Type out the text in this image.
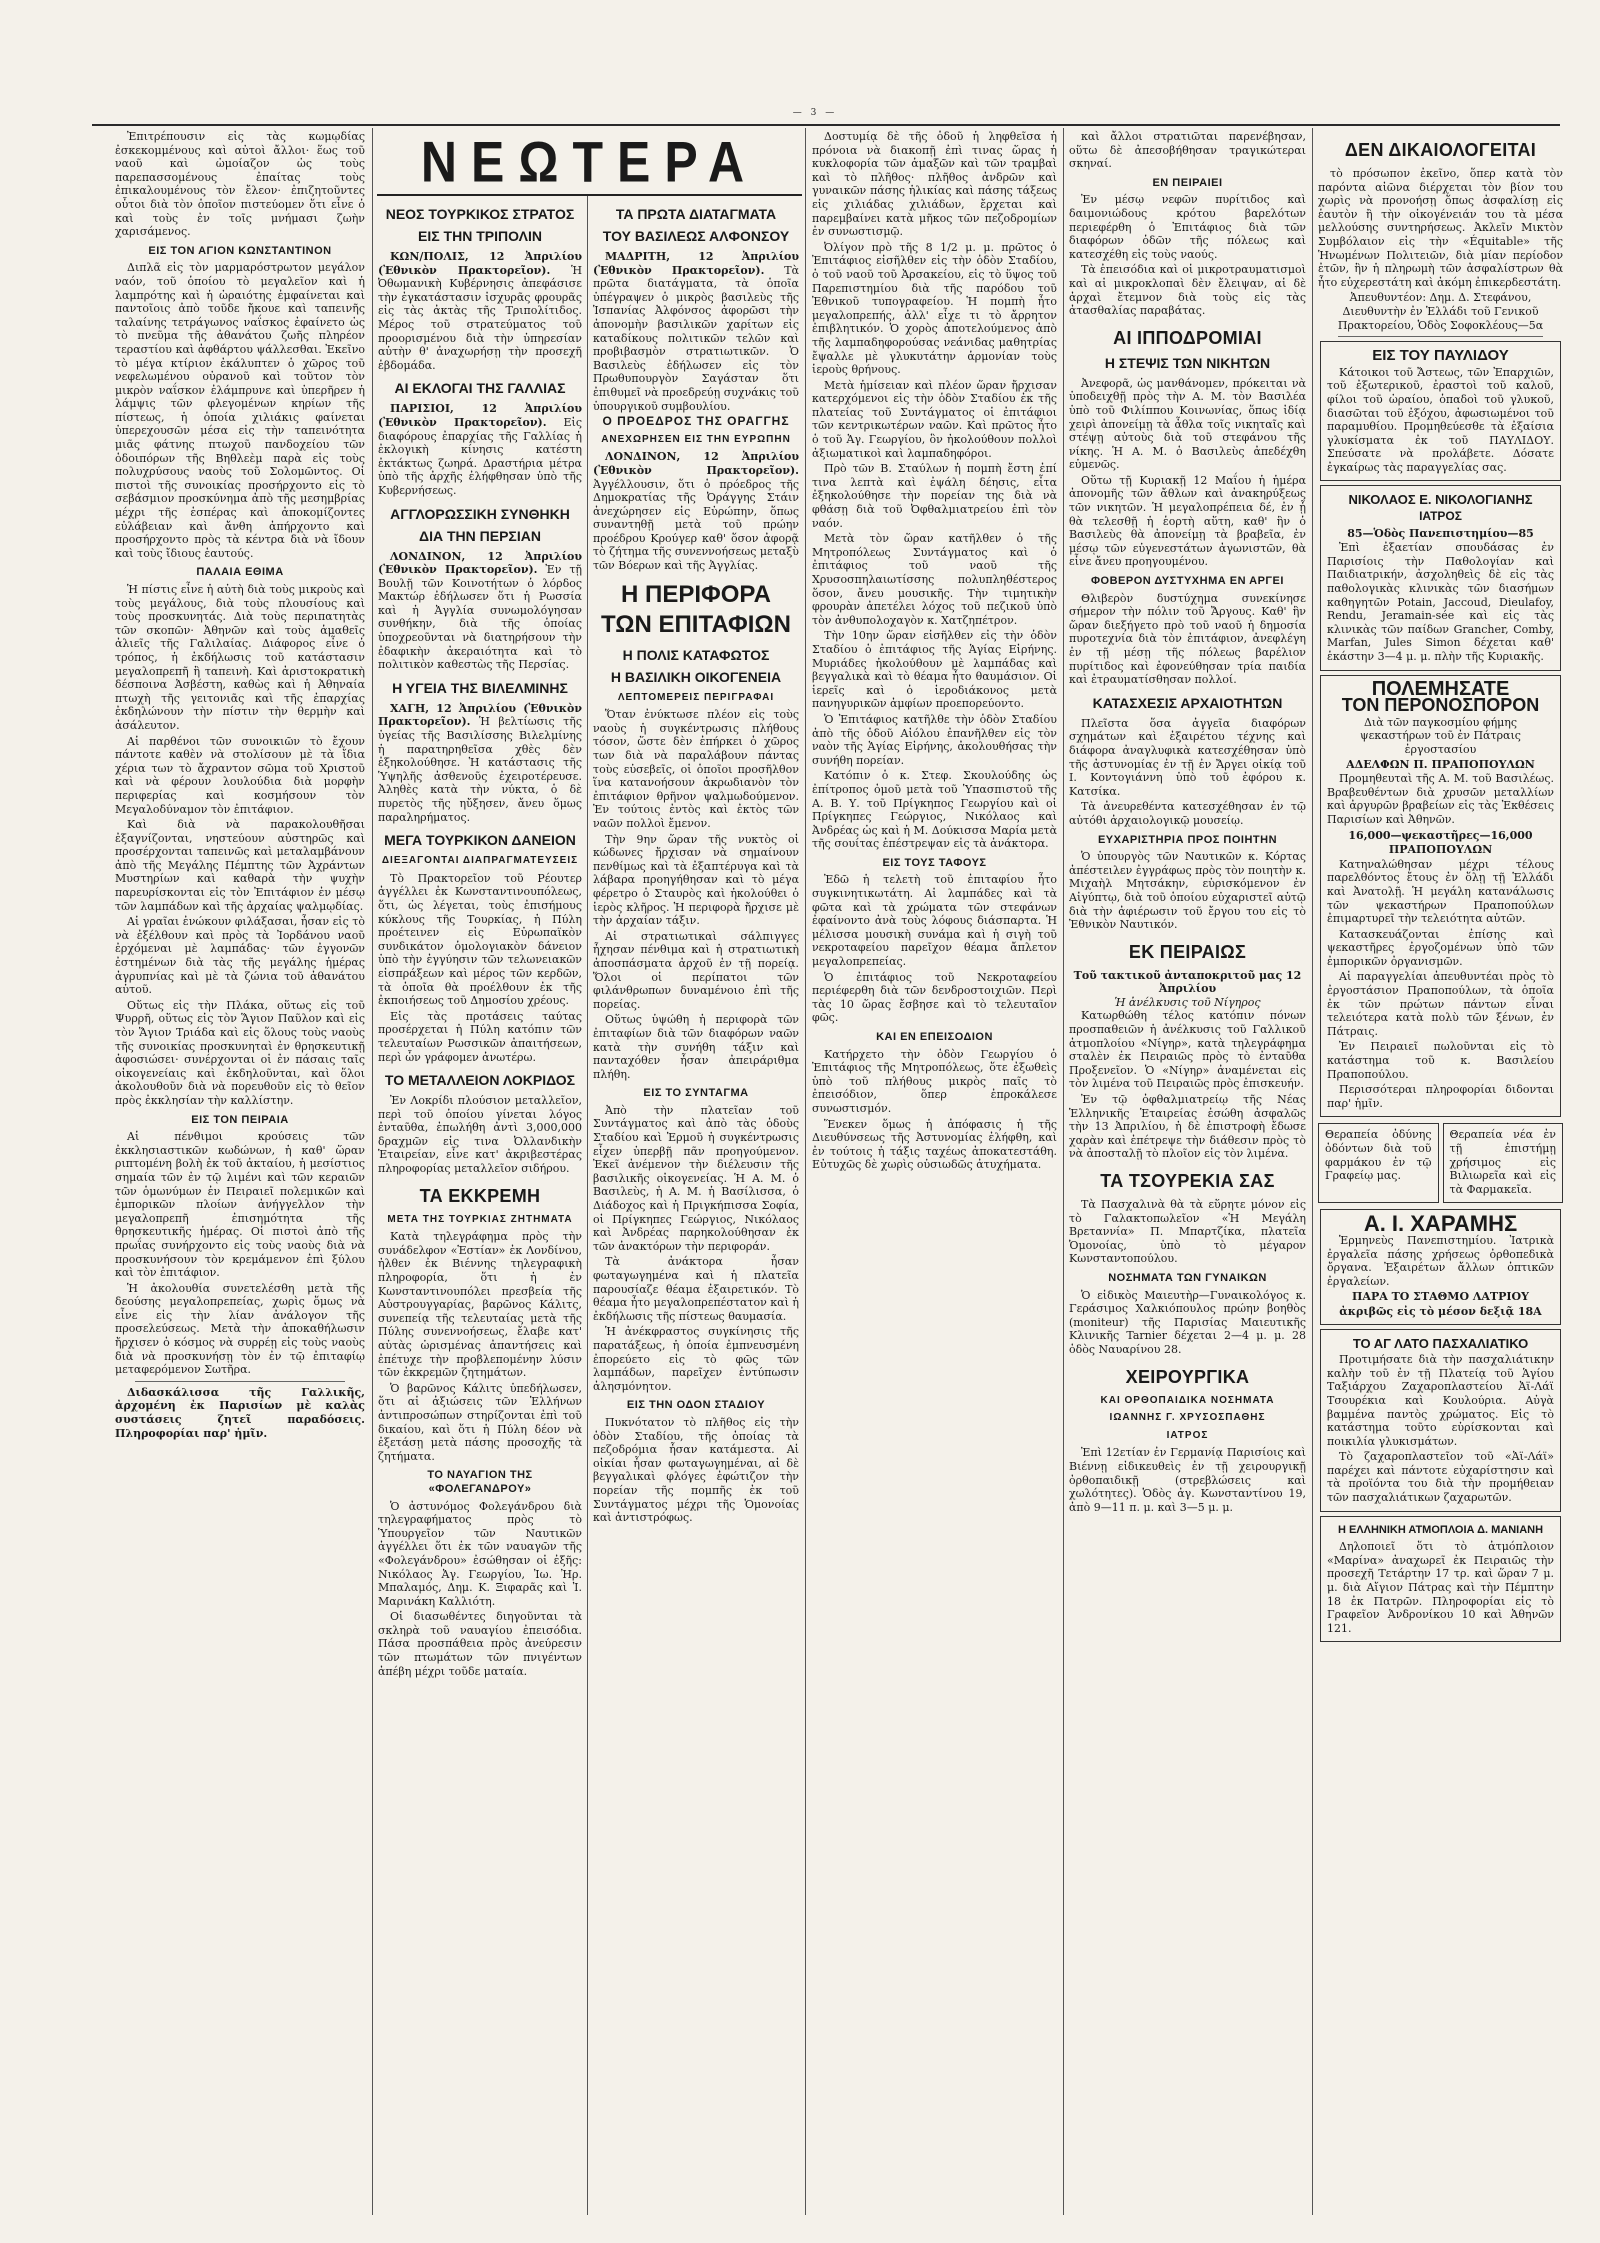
— 3 —
ΝΕΩΤΕΡΑ

Ἐπιτρέπουσιν εἰς τὰς κωμῳδίας ἐσκεκομμένους καὶ αὐτοὶ ἄλλοι· ἕως τοῦ ναοῦ καὶ ὡμοίαζον ὡς τοὺς παρεπασσομένους ἐπαίτας τοὺς ἐπικαλουμένους τὸν ἔλεον· ἐπιζητοῦντες οὗτοι διὰ τὸν ὁποῖον πιστεύομεν ὅτι εἶνε ὁ καὶ τοὺς ἐν τοῖς μνήμασι ζωὴν χαρισάμενος.

ΕΙΣ ΤΟΝ ΑΓΙΟΝ ΚΩΝΣΤΑΝΤΙΝΟΝ

Διπλᾶ εἰς τὸν μαρμαρόστρωτον μεγάλον ναόν, τοῦ ὁποίου τὸ μεγαλεῖον καὶ ἡ λαμπρότης καὶ ἡ ὡραιότης ἐμφαίνεται καὶ παντοῖοις ἀπὸ τοῦδε ἤκουε καὶ ταπεινῆς ταλαίνης τετράγωνος ναΐσκος ἐφαίνετο ὡς τὸ πνεῦμα τῆς ἀθανάτου ζωῆς πληρέον τεραστίου καὶ ἀφθάρτου ψάλλεσθαι. Ἐκεῖνο τὸ μέγα κτίριον ἐκάλυπτεν ὁ χῶρος τοῦ νεφελωμένου οὐρανοῦ καὶ τοῦτον τὸν μικρὸν ναΐσκον ἐλάμπρυνε καὶ ὑπερῆρεν ἡ λάμψις τῶν φλεγομένων κηρίων τῆς πίστεως, ἡ ὁποία χιλιάκις φαίνεται ὑπερεχουσῶν μέσα εἰς τὴν ταπεινότητα μιᾶς φάτνης πτωχοῦ πανδοχείου τῶν ὁδοιπόρων τῆς Βηθλεὲμ παρὰ εἰς τοὺς πολυχρύσους ναοὺς τοῦ Σολομῶντος. Οἱ πιστοὶ τῆς συνοικίας προσήρχοντο εἰς τὸ σεβάσμιον προσκύνημα ἀπὸ τῆς μεσημβρίας μέχρι τῆς ἑσπέρας καὶ ἀποκομίζοντες εὐλάβειαν καὶ ἄνθη ἀπήρχοντο καὶ προσήρχοντο πρὸς τὰ κέντρα διὰ νὰ ἴδουν καὶ τοὺς ἴδιους ἑαυτούς.

ΠΑΛΑΙΑ ΕΘΙΜΑ

Ἡ πίστις εἶνε ἡ αὐτὴ διὰ τοὺς μικροὺς καὶ τοὺς μεγάλους, διὰ τοὺς πλουσίους καὶ τοὺς προσκυνητάς. Διὰ τοὺς περιπατητὰς τῶν σκοπῶν· Ἀθηνῶν καὶ τοὺς ἁμαθεῖς ἀλιεῖς τῆς Γαλιλαίας. Διάφορος εἶνε ὁ τρόπος, ἡ ἐκδήλωσις τοῦ κατάστασιν μεγαλοπρεπῆ ἢ ταπεινὴ. Καὶ ἀριστοκρατικὴ δέσποινα Ἀσβέστη, καθὼς καὶ ἡ Ἀθηναία πτωχὴ τῆς γειτονιᾶς καὶ τῆς ἐπαρχίας ἐκδηλώνουν τὴν πίστιν τὴν θερμὴν καὶ ἀσάλευτον.

Αἱ παρθένοι τῶν συνοικιῶν τὸ ἔχουν πάντοτε καθὲν νὰ στολίσουν μὲ τὰ ἴδια χέρια των τὸ ἄχραντον σῶμα τοῦ Χριστοῦ καὶ νὰ φέρουν λουλούδια διὰ μορφὴν περιφερίας καὶ κοσμήσουν τὸν Μεγαλοδύναμον τὸν ἐπιτάφιον.

Καὶ διὰ νὰ παρακολουθῆσαι ἐξαγνίζονται, νηστεύουν αὐστηρῶς καὶ προσέρχονται ταπεινῶς καὶ μεταλαμβάνουν ἀπὸ τῆς Μεγάλης Πέμπτης τῶν Ἀχράντων Μυστηρίων καὶ καθαρὰ τὴν ψυχὴν παρευρίσκονται εἰς τὸν Ἐπιτάφιον ἐν μέσῳ τῶν λαμπάδων καὶ τῆς ἀρχαίας ψαλμῳδίας.

Αἱ γραῖαι ἐνώκουν φιλάξασαι, ἦσαν εἰς τὸ νὰ ἐξέλθουν καὶ πρὸς τὰ Ἰορδάνου ναοῦ ἐρχόμεναι μὲ λαμπάδας· τῶν ἐγγονῶν ἐστημένων διὰ τὰς τῆς μεγάλης ἡμέρας ἀγρυπνίας καὶ μὲ τὰ ζώνια τοῦ ἀθανάτου αὐτοῦ.

Οὕτως εἰς τὴν Πλάκα, οὕτως εἰς τοῦ Ψυρρῆ, οὕτως εἰς τὸν Ἅγιον Παῦλον καὶ εἰς τὸν Ἅγιον Τριάδα καὶ εἰς ὅλους τοὺς ναοὺς τῆς συνοικίας προσκυνηταὶ ἐν θρησκευτικῇ ἀφοσιώσει· συνέρχονται οἱ ἐν πάσαις ταῖς οἰκογενείαις καὶ ἐκδηλοῦνται, καὶ ὅλοι ἀκολουθοῦν διὰ νὰ πορευθοῦν εἰς τὸ θεῖον πρὸς ἐκκλησίαν τὴν καλλίστην.

ΕΙΣ ΤΟΝ ΠΕΙΡΑΙΑ

Αἱ πένθιμοι κρούσεις τῶν ἐκκλησιαστικῶν κωδώνων, ἡ καθ' ὥραν ριπτομένη βολὴ ἐκ τοῦ ἀκταίου, ἡ μεσίστιος σημαία τῶν ἐν τῷ λιμένι καὶ τῶν κεραιῶν τῶν ὁμωνύμων ἐν Πειραιεῖ πολεμικῶν καὶ ἐμπορικῶν πλοίων ἀνήγγελλον τὴν μεγαλοπρεπῆ ἐπισημότητα τῆς θρησκευτικῆς ἡμέρας. Οἱ πιστοὶ ἀπὸ τῆς πρωΐας συνήρχοντο εἰς τοὺς ναοὺς διὰ νὰ προσκυνήσουν τὸν κρεμάμενον ἐπὶ ξύλου καὶ τὸν ἐπιτάφιον.

Ἡ ἀκολουθία συνετελέσθη μετὰ τῆς δεούσης μεγαλοπρεπείας, χωρὶς ὅμως νὰ εἶνε εἰς τὴν λίαν ἀνάλογον τῆς προσελεύσεως. Μετὰ τὴν ἀποκαθήλωσιν ἤρχισεν ὁ κόσμος νὰ συρρέῃ εἰς τοὺς ναοὺς διὰ νὰ προσκυνήσῃ τὸν ἐν τῷ ἐπιταφίῳ μεταφερόμενον Σωτῆρα.

Διδασκάλισσα τῆς Γαλλικῆς, ἀρχομένη ἐκ Παρισίων μὲ καλὰς συστάσεις ζητεῖ παραδόσεις. Πληροφορίαι παρ' ἡμῖν.

ΝΕΟΣ ΤΟΥΡΚΙΚΟΣ ΣΤΡΑΤΟΣ
ΕΙΣ ΤΗΝ ΤΡΙΠΟΛΙΝ

ΚΩΝ/ΠΟΛΙΣ, 12 Ἀπριλίου (Ἐθνικὸν Πρακτορεῖον). Ἡ Ὀθωμανικὴ Κυβέρνησις ἀπεφάσισε τὴν ἐγκατάστασιν ἰσχυρᾶς φρουρᾶς εἰς τὰς ἀκτὰς τῆς Τριπολίτιδος. Μέρος τοῦ στρατεύματος τοῦ προορισμένου διὰ τὴν ὑπηρεσίαν αὐτὴν θ' ἀναχωρήσῃ τὴν προσεχῆ ἑβδομάδα.

ΑΙ ΕΚΛΟΓΑΙ ΤΗΣ ΓΑΛΛΙΑΣ

ΠΑΡΙΣΙΟΙ, 12 Ἀπριλίου (Ἐθνικὸν Πρακτορεῖον). Εἰς διαφόρους ἐπαρχίας τῆς Γαλλίας ἡ ἐκλογικὴ κίνησις κατέστη ἐκτάκτως ζωηρά. Δραστήρια μέτρα ὑπὸ τῆς ἀρχῆς ἐλήφθησαν ὑπὸ τῆς Κυβερνήσεως.

ΑΓΓΛΟΡΩΣΣΙΚΗ ΣΥΝΘΗΚΗ
ΔΙΑ ΤΗΝ ΠΕΡΣΙΑΝ

ΛΟΝΔΙΝΟΝ, 12 Ἀπριλίου (Ἐθνικὸν Πρακτορεῖον). Ἐν τῇ Βουλῇ τῶν Κοινοτήτων ὁ λόρδος Μακτώρ ἐδήλωσεν ὅτι ἡ Ρωσσία καὶ ἡ Ἀγγλία συνωμολόγησαν συνθήκην, διὰ τῆς ὁποίας ὑποχρεοῦνται νὰ διατηρήσουν τὴν ἐδαφικὴν ἀκεραιότητα καὶ τὸ πολιτικὸν καθεστὼς τῆς Περσίας.

Η ΥΓΕΙΑ ΤΗΣ ΒΙΛΕΛΜΙΝΗΣ

ΧΑΓΗ, 12 Ἀπριλίου (Ἐθνικὸν Πρακτορεῖον). Ἡ βελτίωσις τῆς ὑγείας τῆς Βασιλίσσης Βιλελμίνης ἡ παρατηρηθεῖσα χθὲς δὲν ἐξηκολούθησε. Ἡ κατάστασις τῆς Ὑψηλῆς ἀσθενοῦς ἐχειροτέρευσε. Ἀληθὲς κατὰ τὴν νύκτα, ὁ δὲ πυρετὸς τῆς ηὔξησεν, ἄνευ ὅμως παραληρήματος.

ΜΕΓΑ ΤΟΥΡΚΙΚΟΝ ΔΑΝΕΙΟΝ
ΔΙΕΞΑΓΟΝΤΑΙ ΔΙΑΠΡΑΓΜΑΤΕΥΣΕΙΣ

Τὸ Πρακτορεῖον τοῦ Ρέουτερ ἀγγέλλει ἐκ Κωνσταντινουπόλεως, ὅτι, ὡς λέγεται, τοὺς ἐπισήμους κύκλους τῆς Τουρκίας, ἡ Πύλη προέτεινεν εἰς Εὐρωπαϊκὸν συνδικάτον ὁμολογιακὸν δάνειον ὑπὸ τὴν ἐγγύησιν τῶν τελωνειακῶν εἰσπράξεων καὶ μέρος τῶν κερδῶν, τὰ ὁποῖα θὰ προέλθουν ἐκ τῆς ἐκποιήσεως τοῦ Δημοσίου χρέους.

Εἰς τὰς προτάσεις ταύτας προσέρχεται ἡ Πύλη κατόπιν τῶν τελευταίων Ρωσσικῶν ἀπαιτήσεων, περὶ ὧν γράφομεν ἀνωτέρω.

ΤΟ ΜΕΤΑΛΛΕΙΟΝ ΛΟΚΡΙΔΟΣ

Ἐν Λοκρίδι πλούσιον μεταλλεῖον, περὶ τοῦ ὁποίου γίνεται λόγος ἐνταῦθα, ἐπωλήθη ἀντὶ 3,000,000 δραχμῶν εἰς τινα Ὀλλανδικὴν Ἑταιρείαν, εἶνε κατ' ἀκριβεστέρας πληροφορίας μεταλλεῖον σιδήρου.

ΤΑ ΕΚΚΡΕΜΗ
ΜΕΤΑ ΤΗΣ ΤΟΥΡΚΙΑΣ ΖΗΤΗΜΑΤΑ

Κατὰ τηλεγράφημα πρὸς τὴν συνάδελφον «Ἑστίαν» ἐκ Λονδίνου, ἠλθεν ἐκ Βιέννης τηλεγραφικὴ πληροφορία, ὅτι ἡ ἐν Κωνσταντινουπόλει πρεσβεία τῆς Αὐστρουγγαρίας, βαρῶνος Κάλιτς, συνεπείᾳ τῆς τελευταίας μετὰ τῆς Πύλης συνεννοήσεως, ἔλαβε κατ' αὐτὰς ὡρισμένας ἀπαντήσεις καὶ ἐπέτυχε τὴν προβλεπομένην λύσιν τῶν ἐκκρεμῶν ζητημάτων.

Ὁ βαρῶνος Κάλιτς ὑπεδήλωσεν, ὅτι αἱ ἀξιώσεις τῶν Ἑλλήνων ἀντιπροσώπων στηρίζονται ἐπὶ τοῦ δικαίου, καὶ ὅτι ἡ Πύλη δέον νὰ ἐξετάσῃ μετὰ πάσης προσοχῆς τὰ ζητήματα.

ΤΟ ΝΑΥΑΓΙΟΝ ΤΗΣ «ΦΟΛΕΓΑΝΔΡΟΥ»

Ὁ ἀστυνόμος Φολεγάνδρου διὰ τηλεγραφήματος πρὸς τὸ Ὑπουργεῖον τῶν Ναυτικῶν ἀγγέλλει ὅτι ἐκ τῶν ναυαγῶν τῆς «Φολεγάνδρου» ἐσώθησαν οἱ ἐξῆς: Νικόλαος Ἀγ. Γεωργίου, Ἰω. Ἠρ. Μπαλαμός, Δημ. Κ. Ξιφαρᾶς καὶ Ἰ. Μαρινάκη Καλλιότη.

Οἱ διασωθέντες διηγοῦνται τὰ σκληρὰ τοῦ ναυαγίου ἐπεισόδια. Πάσα προσπάθεια πρὸς ἀνεύρεσιν τῶν πτωμάτων τῶν πνιγέντων ἀπέβη μέχρι τοῦδε ματαία.

ΤΑ ΠΡΩΤΑ ΔΙΑΤΑΓΜΑΤΑ
ΤΟΥ ΒΑΣΙΛΕΩΣ ΑΛΦΟΝΣΟΥ

ΜΑΔΡΙΤΗ, 12 Ἀπριλίου (Ἐθνικὸν Πρακτορεῖον). Τὰ πρῶτα διατάγματα, τὰ ὁποῖα ὑπέγραψεν ὁ μικρὸς βασιλεὺς τῆς Ἱσπανίας Ἀλφόνσος ἀφορῶσι τὴν ἀπονομὴν βασιλικῶν χαρίτων εἰς καταδίκους πολιτικῶν τελῶν καὶ προβιβασμὸν στρατιωτικῶν. Ὁ Βασιλεὺς ἐδήλωσεν εἰς τὸν Πρωθυπουργὸν Σαγάσταν ὅτι ἐπιθυμεῖ νὰ προεδρεύῃ συχνάκις τοῦ ὑπουργικοῦ συμβουλίου.

Ο ΠΡΟΕΔΡΟΣ ΤΗΣ ΟΡΑΓΓΗΣ
ΑΝΕΧΩΡΗΣΕΝ ΕΙΣ ΤΗΝ ΕΥΡΩΠΗΝ

ΛΟΝΔΙΝΟΝ, 12 Ἀπριλίου (Ἐθνικὸν Πρακτορεῖον). Ἀγγέλλουσιν, ὅτι ὁ πρόεδρος τῆς Δημοκρατίας τῆς Ὀράγγης Στάιν ἀνεχώρησεν εἰς Εὐρώπην, ὅπως συναντηθῇ μετὰ τοῦ πρώην προέδρου Κρούγερ καθ' ὅσον ἀφορᾷ τὸ ζήτημα τῆς συνεννοήσεως μεταξὺ τῶν Βόερων καὶ τῆς Ἀγγλίας.

Η ΠΕΡΙΦΟΡΑ
ΤΩΝ ΕΠΙΤΑΦΙΩΝ
Η ΠΟΛΙΣ ΚΑΤΑΦΩΤΟΣ
Η ΒΑΣΙΛΙΚΗ ΟΙΚΟΓΕΝΕΙΑ
ΛΕΠΤΟΜΕΡΕΙΣ ΠΕΡΙΓΡΑΦΑΙ

Ὅταν ἐνύκτωσε πλέον εἰς τοὺς ναοὺς ἡ συγκέντρωσις πλήθους τόσον, ὥστε δὲν ἐπήρκει ὁ χῶρος των διὰ νὰ παραλάβουν πάντας τοὺς εὐσεβεῖς, οἱ ὁποῖοι προσῆλθον ἵνα κατανοήσουν ἀκρωδιανὸν τὸν ἐπιτάφιον θρῆνον ψαλμωδούμενον. Ἐν τούτοις ἐντὸς καὶ ἐκτὸς τῶν ναῶν πολλοὶ ἔμενον.

Τὴν 9ην ὥραν τῆς νυκτὸς οἱ κώδωνες ἤρχισαν νὰ σημαίνουν πενθίμως καὶ τὰ ἐξαπτέρυγα καὶ τὰ λάβαρα προηγήθησαν καὶ τὸ μέγα φέρετρο ὁ Σταυρὸς καὶ ἠκολούθει ὁ ἱερὸς κλῆρος. Ἡ περιφορὰ ἤρχισε μὲ τὴν ἀρχαίαν τάξιν.

Αἱ στρατιωτικαὶ σάλπιγγες ἦχησαν πένθιμα καὶ ἡ στρατιωτικὴ ἀποσπάσματα ἀρχοῦ ἐν τῇ πορείᾳ. Ὅλοι οἱ περίπατοι τῶν φιλάνθρωπων δυναμένοιο ἐπὶ τῆς πορείας.

Οὕτως ὑψώθη ἡ περιφορὰ τῶν ἐπιταφίων διὰ τῶν διαφόρων ναῶν κατὰ τὴν συνήθη τάξιν καὶ πανταχόθεν ἦσαν ἀπειράριθμα πλήθη.

ΕΙΣ ΤΟ ΣΥΝΤΑΓΜΑ

Ἀπὸ τὴν πλατεῖαν τοῦ Συντάγματος καὶ ἀπὸ τὰς ὁδοὺς Σταδίου καὶ Ἑρμοῦ ἡ συγκέντρωσις εἶχεν ὑπερβῇ πᾶν προηγούμενον. Ἐκεῖ ἀνέμενον τὴν διέλευσιν τῆς βασιλικῆς οἰκογενείας. Ἡ Α. Μ. ὁ Βασιλεὺς, ἡ Α. Μ. ἡ Βασίλισσα, ὁ Διάδοχος καὶ ἡ Πριγκήπισσα Σοφία, οἱ Πρίγκηπες Γεώργιος, Νικόλαος καὶ Ἀνδρέας παρηκολούθησαν ἐκ τῶν ἀνακτόρων τὴν περιφοράν.

Τὰ ἀνάκτορα ἦσαν φωταγωγημένα καὶ ἡ πλατεῖα παρουσίαζε θέαμα ἐξαιρετικόν. Τὸ θέαμα ἦτο μεγαλοπρεπέστατον καὶ ἡ ἐκδήλωσις τῆς πίστεως θαυμασία.

Ἡ ἀνέκφραστος συγκίνησις τῆς παρατάξεως, ἡ ὁποία ἐμπνευσμένη ἐπορεύετο εἰς τὸ φῶς τῶν λαμπάδων, παρεῖχεν ἐντύπωσιν ἀλησμόνητον.

ΕΙΣ ΤΗΝ ΟΔΟΝ ΣΤΑΔΙΟΥ

Πυκνότατον τὸ πλῆθος εἰς τὴν ὁδὸν Σταδίου, τῆς ὁποίας τὰ πεζοδρόμια ἦσαν κατάμεστα. Αἱ οἰκίαι ἦσαν φωταγωγημέναι, αἱ δὲ βεγγαλικαὶ φλόγες ἐφώτιζον τὴν πορείαν τῆς πομπῆς ἐκ τοῦ Συντάγματος μέχρι τῆς Ὁμονοίας καὶ ἀντιστρόφως.

Δοστυμίᾳ δὲ τῆς ὁδοῦ ἡ ληφθεῖσα ἡ πρόνοια νὰ διακοπῇ ἐπὶ τινας ὥρας ἡ κυκλοφορία τῶν ἁμαξῶν καὶ τῶν τραμβαὶ καὶ τὸ πλῆθος· πλῆθος ἀνδρῶν καὶ γυναικῶν πάσης ἡλικίας καὶ πάσης τάξεως εἰς χιλιάδας χιλιάδων, ἔρχεται καὶ παρεμβαίνει κατὰ μῆκος τῶν πεζοδρομίων ἐν συνωστισμῷ.

Ὀλίγον πρὸ τῆς 8 1/2 μ. μ. πρῶτος ὁ Ἐπιτάφιος εἰσῆλθεν εἰς τὴν ὁδὸν Σταδίου, ὁ τοῦ ναοῦ τοῦ Ἀρσακείου, εἰς τὸ ὕψος τοῦ Παρεπιστημίου διὰ τῆς παρόδου τοῦ Ἐθνικοῦ τυπογραφείου. Ἡ πομπὴ ἦτο μεγαλοπρεπής, ἀλλ' εἶχε τι τὸ ἄρρητον ἐπιβλητικόν. Ὁ χορὸς ἀποτελούμενος ἀπὸ τῆς λαμπαδηφορούσας νεάνιδας μαθητρίας ἔψαλλε μὲ γλυκυτάτην ἁρμονίαν τοὺς ἱεροὺς θρήνους.

Μετὰ ἡμίσειαν καὶ πλέον ὥραν ἤρχισαν κατερχόμενοι εἰς τὴν ὁδὸν Σταδίου ἐκ τῆς πλατείας τοῦ Συντάγματος οἱ ἐπιτάφιοι τῶν κεντρικωτέρων ναῶν. Καὶ πρῶτος ἦτο ὁ τοῦ Ἁγ. Γεωργίου, ὃν ἠκολούθουν πολλοὶ ἀξιωματικοὶ καὶ λαμπαδηφόροι.

Πρὸ τῶν Β. Σταύλων ἡ πομπὴ ἔστη ἐπί τινα λεπτὰ καὶ ἐψάλη δέησις, εἶτα ἐξηκολούθησε τὴν πορείαν της διὰ νὰ φθάσῃ διὰ τοῦ Ὀφθαλμιατρείου ἐπὶ τὸν ναόν.

Μετὰ τὸν ὥραν κατῆλθεν ὁ τῆς Μητροπόλεως Συντάγματος καὶ ὁ ἐπιτάφιος τοῦ ναοῦ τῆς Χρυσοσπηλαιωτίσσης πολυπληθέστερος ὅσον, ἄνευ μουσικῆς. Τὴν τιμητικὴν φρουρὰν ἀπετέλει λόχος τοῦ πεζικοῦ ὑπὸ τὸν ἀνθυπολοχαγὸν κ. Χατζηπέτρον.

Τὴν 10ην ὥραν εἰσῆλθεν εἰς τὴν ὁδὸν Σταδίου ὁ ἐπιτάφιος τῆς Ἁγίας Εἰρήνης. Μυριάδες ἠκολούθουν μὲ λαμπάδας καὶ βεγγαλικὰ καὶ τὸ θέαμα ἦτο θαυμάσιον. Οἱ ἱερεῖς καὶ ὁ ἱεροδιάκονος μετὰ πανηγυρικῶν ἀμφίων προεπορεύοντο.

Ὁ Ἐπιτάφιος κατῆλθε τὴν ὁδὸν Σταδίου ἀπὸ τῆς ὁδοῦ Αἰόλου ἐπανῆλθεν εἰς τὸν ναὸν τῆς Ἁγίας Εἰρήνης, ἀκολουθήσας τὴν συνήθη πορείαν.

Κατόπιν ὁ κ. Στεφ. Σκουλούδης ὡς ἐπίτροπος ὁμοῦ μετὰ τοῦ Ὑπασπιστοῦ τῆς Α. Β. Υ. τοῦ Πρίγκηπος Γεωργίου καὶ οἱ Πρίγκηπες Γεώργιος, Νικόλαος καὶ Ἀνδρέας ὡς καὶ ἡ Μ. Δούκισσα Μαρία μετὰ τῆς σουίτας ἐπέστρεψαν εἰς τὰ ἀνάκτορα.

ΕΙΣ ΤΟΥΣ ΤΑΦΟΥΣ

Ἐδῶ ἡ τελετὴ τοῦ ἐπιταφίου ἦτο συγκινητικωτάτη. Αἱ λαμπάδες καὶ τὰ φῶτα καὶ τὰ χρώματα τῶν στεφάνων ἐφαίνοντο ἀνὰ τοὺς λόφους διάσπαρτα. Ἡ μέλισσα μουσικὴ συνάμα καὶ ἡ σιγὴ τοῦ νεκροταφείου παρεῖχον θέαμα ἄπλετον μεγαλοπρεπείας.

Ὁ ἐπιτάφιος τοῦ Νεκροταφείου περιέφερθη διὰ τῶν δενδροστοιχιῶν. Περὶ τὰς 10 ὥρας ἔσβησε καὶ τὸ τελευταῖον φῶς.

ΚΑΙ ΕΝ ΕΠΕΙΣΟΔΙΟΝ

Κατήρχετο τὴν ὁδὸν Γεωργίου ὁ Ἐπιτάφιος τῆς Μητροπόλεως, ὅτε ἐξωθεὶς ὑπὸ τοῦ πλήθους μικρὸς παῖς τὸ ἐπεισόδιον, ὅπερ ἐπροκάλεσε συνωστισμόν.

Ἕνεκεν ὅμως ἡ ἀπόφασις ἡ τῆς Διευθύνσεως τῆς Ἀστυνομίας ἐλήφθη, καὶ ἐν τούτοις ἡ τάξις ταχέως ἀποκατεστάθη. Εὐτυχῶς δὲ χωρὶς οὐσιωδῶς ἀτυχήματα.

καὶ ἄλλοι στρατιῶται παρενέβησαν, οὕτω δὲ ἀπεσοβήθησαν τραγικώτεραι σκηναί.

ΕΝ ΠΕΙΡΑΙΕΙ

Ἐν μέσῳ νεφῶν πυρίτιδος καὶ δαιμονιώδους κρότου βαρελότων περιεφέρθη ὁ Ἐπιτάφιος διὰ τῶν διαφόρων ὁδῶν τῆς πόλεως καὶ κατεσχέθη εἰς τοὺς ναούς.

Τὰ ἐπεισόδια καὶ οἱ μικροτραυματισμοὶ καὶ αἱ μικροκλοπαὶ δὲν ἔλειψαν, αἱ δὲ ἀρχαὶ ἔτεμνον διὰ τοὺς εἰς τὰς ἀτασθαλίας παραβάτας.

ΑΙ ΙΠΠΟΔΡΟΜΙΑΙ
Η ΣΤΕΨΙΣ ΤΩΝ ΝΙΚΗΤΩΝ

Ἀνεφορᾶ, ὡς μανθάνομεν, πρόκειται νὰ ὑποδειχθῇ πρὸς τὴν Α. Μ. τὸν Βασιλέα ὑπὸ τοῦ Φιλίππου Κοινωνίας, ὅπως ἰδίᾳ χειρὶ ἀπονείμῃ τὰ ἆθλα τοῖς νικηταῖς καὶ στέψῃ αὐτοὺς διὰ τοῦ στεφάνου τῆς νίκης. Ἡ Α. Μ. ὁ Βασιλεὺς ἀπεδέχθη εὐμενῶς.

Οὕτω τῇ Κυριακῇ 12 Μαΐου ἡ ἡμέρα ἀπονομῆς τῶν ἄθλων καὶ ἀνακηρύξεως τῶν νικητῶν. Ἡ μεγαλοπρέπεια δέ, ἐν ᾗ θὰ τελεσθῇ ἡ ἑορτὴ αὕτη, καθ' ἣν ὁ Βασιλεὺς θὰ ἀπονείμῃ τὰ βραβεῖα, ἐν μέσῳ τῶν εὐγενεστάτων ἀγωνιστῶν, θὰ εἶνε ἄνευ προηγουμένου.

ΦΟΒΕΡΟΝ ΔΥΣΤΥΧΗΜΑ ΕΝ ΑΡΓΕΙ

Θλιβερὸν δυστύχημα συνεκίνησε σήμερον τὴν πόλιν τοῦ Ἄργους. Καθ' ἣν ὥραν διεξήγετο πρὸ τοῦ ναοῦ ἡ δημοσία πυροτεχνία διὰ τὸν ἐπιτάφιον, ἀνεφλέγη ἐν τῇ μέσῃ τῆς πόλεως βαρέλιον πυρίτιδος καὶ ἐφονεύθησαν τρία παιδία καὶ ἐτραυματίσθησαν πολλοί.

ΚΑΤΑΣΧΕΣΙΣ ΑΡΧΑΙΟΤΗΤΩΝ

Πλεῖστα ὅσα ἀγγεῖα διαφόρων σχημάτων καὶ ἐξαιρέτου τέχνης καὶ διάφορα ἀναγλυφικὰ κατεσχέθησαν ὑπὸ τῆς ἀστυνομίας ἐν τῇ ἐν Ἄργει οἰκίᾳ τοῦ Ι. Κοντογιάννη ὑπὸ τοῦ ἐφόρου κ. Κατσίκα.

Τὰ ἀνευρεθέντα κατεσχέθησαν ἐν τῷ αὐτόθι ἀρχαιολογικῷ μουσείῳ.

ΕΥΧΑΡΙΣΤΗΡΙΑ ΠΡΟΣ ΠΟΙΗΤΗΝ

Ὁ ὑπουργὸς τῶν Ναυτικῶν κ. Κόρτας ἀπέστειλεν ἐγγράφως πρὸς τὸν ποιητὴν κ. Μιχαὴλ Μητσάκην, εὑρισκόμενον ἐν Αἰγύπτῳ, διὰ τοῦ ὁποίου εὐχαριστεῖ αὐτῷ διὰ τὴν ἀφιέρωσιν τοῦ ἔργου του εἰς τὸ Ἐθνικὸν Ναυτικόν.

ΕΚ ΠΕΙΡΑΙΩΣ
Τοῦ τακτικοῦ ἀνταποκριτοῦ μας 12 Ἀπριλίου
Ἡ ἀνέλκυσις τοῦ Νίγηρος

Κατωρθώθη τέλος κατόπιν πόνων προσπαθειῶν ἡ ἀνέλκυσις τοῦ Γαλλικοῦ ἀτμοπλοίου «Νίγηρ», κατὰ τηλεγράφημα σταλὲν ἐκ Πειραιῶς πρὸς τὸ ἐνταῦθα Προξενεῖον. Ὁ «Νίγηρ» ἀναμένεται εἰς τὸν λιμένα τοῦ Πειραιῶς πρὸς ἐπισκευήν.

Ἐν τῷ ὀφθαλμιατρείῳ τῆς Νέας Ἑλληνικῆς Ἑταιρείας ἐσώθη ἀσφαλῶς τὴν 13 Ἀπριλίου, ἡ δὲ ἐπιστροφὴ ἔδωσε χαρὰν καὶ ἐπέτρεψε τὴν διάθεσιν πρὸς τὸ νὰ ἀποσταλῇ τὸ πλοῖον εἰς τὸν λιμένα.

ΤΑ ΤΣΟΥΡΕΚΙΑ ΣΑΣ

Τὰ Πασχαλινὰ θὰ τὰ εὕρητε μόνον εἰς τὸ Γαλακτοπωλεῖον «Ἡ Μεγάλη Βρεταννία» Π. Μπαρτζίκα, πλατεῖα Ὁμονοίας, ὑπὸ τὸ μέγαρον Κωνσταντοπούλου.

ΝΟΣΗΜΑΤΑ ΤΩΝ ΓΥΝΑΙΚΩΝ

Ὁ εἰδικὸς Μαιευτὴρ—Γυναικολόγος κ. Γεράσιμος Χαλκιόπουλος πρώην βοηθὸς (moniteur) τῆς Παρισίας Μαιευτικῆς Κλινικῆς Tarnier δέχεται 2—4 μ. μ. 28 ὁδὸς Ναυαρίνου 28.

ΧΕΙΡΟΥΡΓΙΚΑ
ΚΑΙ ΟΡΘΟΠΑΙΔΙΚΑ ΝΟΣΗΜΑΤΑ
ΙΩΑΝΝΗΣ Γ. ΧΡΥΣΟΣΠΑΘΗΣ
ΙΑΤΡΟΣ

Ἐπὶ 12ετίαν ἐν Γερμανίᾳ Παρισίοις καὶ Βιέννῃ εἰδικευθεὶς ἐν τῇ χειρουργικῇ ὀρθοπαιδικῇ (στρεβλώσεις καὶ χωλότητες). Ὁδὸς ἀγ. Κωνσταντίνου 19, ἀπὸ 9—11 π. μ. καὶ 3—5 μ. μ.

ΔΕΝ ΔΙΚΑΙΟΛΟΓΕΙΤΑΙ

τὸ πρόσωπον ἐκεῖνο, ὅπερ κατὰ τὸν παρόντα αἰῶνα διέρχεται τὸν βίον του χωρὶς νὰ προνοήσῃ ὅπως ἀσφαλίσῃ εἰς ἑαυτὸν ἢ τὴν οἰκογένειάν του τὰ μέσα μελλούσης συντηρήσεως. Ἀκλεῖν Μικτὸν Συμβόλαιον εἰς τὴν «Équitable» τῆς Ἡνωμένων Πολιτειῶν, διὰ μίαν περίοδον ἐτῶν, ἣν ἡ πληρωμὴ τῶν ἀσφαλίστρων θὰ ἦτο εὐχερεστάτη καὶ ἀκόμη ἐπικερδεστάτη.

Ἀπευθυντέον: Δημ. Δ. Στεφάνου, Διευθυντὴν ἐν Ἑλλάδι τοῦ Γενικοῦ Πρακτορείου, Ὁδὸς Σοφοκλέους—5α

ΕΙΣ ΤΟΥ ΠΑΥΛΙΔΟΥ

Κάτοικοι τοῦ Ἄστεως, τῶν Ἐπαρχιῶν, τοῦ ἐξωτερικοῦ, ἐραστοὶ τοῦ καλοῦ, φίλοι τοῦ ὡραίου, ὁπαδοὶ τοῦ γλυκοῦ, διασῶται τοῦ ἐξόχου, ἀφωσιωμένοι τοῦ παραμυθίου. Προμηθεύεσθε τὰ ἐξαίσια γλυκίσματα ἐκ τοῦ ΠΑΥΛΙΔΟΥ. Σπεύσατε νὰ προλάβετε. Δόσατε ἐγκαίρως τὰς παραγγελίας σας.

ΝΙΚΟΛΑΟΣ Ε. ΝΙΚΟΛΟΓΙΑΝΗΣ
ΙΑΤΡΟΣ
85—Ὁδὸς Πανεπιστημίου—85

Ἐπὶ ἐξαετίαν σπουδάσας ἐν Παρισίοις τὴν Παθολογίαν καὶ Παιδιατρικήν, ἀσχοληθεὶς δὲ εἰς τὰς παθολογικὰς κλινικὰς τῶν διασήμων καθηγητῶν Potain, Jaccoud, Dieulafoy, Rendu, Jeramain-sée καὶ εἰς τὰς κλινικὰς τῶν παίδων Grancher, Comby, Marfan, Jules Simon δέχεται καθ' ἑκάστην 3—4 μ. μ. πλὴν τῆς Κυριακῆς.

ΠΟΛΕΜΗΣΑΤΕ
ΤΟΝ ΠΕΡΟΝΟΣΠΟΡΟΝ
Διὰ τῶν παγκοσμίου φήμης ψεκαστήρων τοῦ ἐν Πάτραις ἐργοστασίου
ΑΔΕΛΦΩΝ Π. ΠΡΑΠΟΠΟΥΛΩΝ

Προμηθευταὶ τῆς Α. Μ. τοῦ Βασιλέως. Βραβευθέντων διὰ χρυσῶν μεταλλίων καὶ ἀργυρῶν βραβείων εἰς τὰς Ἐκθέσεις Παρισίων καὶ Ἀθηνῶν.

16,000—ψεκαστῆρες—16,000
ΠΡΑΠΟΠΟΥΛΩΝ

Κατηναλώθησαν μέχρι τέλους παρελθόντος ἔτους ἐν ὅλῃ τῇ Ἑλλάδι καὶ Ἀνατολῇ. Ἡ μεγάλη κατανάλωσις τῶν ψεκαστήρων Πραποπούλων ἐπιμαρτυρεῖ τὴν τελειότητα αὐτῶν.

Κατασκευάζονται ἐπίσης καὶ ψεκαστῆρες ἐργοζομένων ὑπὸ τῶν ἐμπορικῶν ὀργανισμῶν.

Αἱ παραγγελίαι ἀπευθυντέαι πρὸς τὸ ἐργοστάσιον Πραποπούλων, τὰ ὁποῖα ἐκ τῶν πρώτων πάντων εἶναι τελειότερα κατὰ πολὺ τῶν ξένων, ἐν Πάτραις.

Ἐν Πειραιεῖ πωλοῦνται εἰς τὸ κατάστημα τοῦ κ. Βασιλείου Πραποπούλου.

Περισσότεραι πληροφορίαι διδονται παρ' ἡμῖν.

Θεραπεία ὀδύνης ὀδόντων διὰ τοῦ φαρμάκου ἐν τῷ Γραφείῳ μας.

Θεραπεία νέα ἐν τῇ ἐπιστήμῃ χρήσιμος εἰς Βιλιωρεῖα καὶ εἰς τὰ Φαρμακεῖα.

Α. Ι. ΧΑΡΑΜΗΣ

Ἑρμηνεὺς Πανεπιστημίου. Ἰατρικὰ ἐργαλεῖα πάσης χρήσεως ὀρθοπεδικὰ ὄργανα. Ἐξαιρέτων ἄλλων ὀπτικῶν ἐργαλείων.

ΠΑΡΑ ΤΟ ΣΤΑΘΜΟ ΛΑΤΡΙΟΥ
ἀκριβῶς εἰς τὸ μέσον δεξιᾷ 18Α
ΤΟ ΑΓ ΛΑΤΟ ΠΑΣΧΑΛΙΑΤΙΚΟ

Προτιμήσατε διὰ τὴν πασχαλιάτικην καλὴν τοῦ ἐν τῇ Πλατείᾳ τοῦ Ἁγίου Ταξιάρχου Ζαχαροπλαστείου Ἀϊ-Λάϊ Τσουρέκια καὶ Κουλούρια. Αὐγὰ βαμμένα παντὸς χρώματος. Εἰς τὸ κατάστημα τοῦτο εὑρίσκονται καὶ ποικιλία γλυκισμάτων.

Τὸ ζαχαροπλαστεῖον τοῦ «Ἀϊ-Λάϊ» παρέχει καὶ πάντοτε εὐχαρίστησιν καὶ τὰ προϊόντα του διὰ τὴν προμήθειαν τῶν πασχαλιάτικων ζαχαρωτῶν.

Η ΕΛΛΗΝΙΚΗ ΑΤΜΟΠΛΟΙΑ Δ. ΜΑΝΙΑΝΗ

Δηλοποιεῖ ὅτι τὸ ἀτμόπλοιον «Μαρίνα» ἀναχωρεῖ ἐκ Πειραιῶς τὴν προσεχῆ Τετάρτην 17 τρ. καὶ ὥραν 7 μ. μ. διὰ Αἴγιον Πάτρας καὶ τὴν Πέμπτην 18 ἐκ Πατρῶν. Πληροφορίαι εἰς τὸ Γραφεῖον Ἀνδρονίκου 10 καὶ Ἀθηνῶν 121.
